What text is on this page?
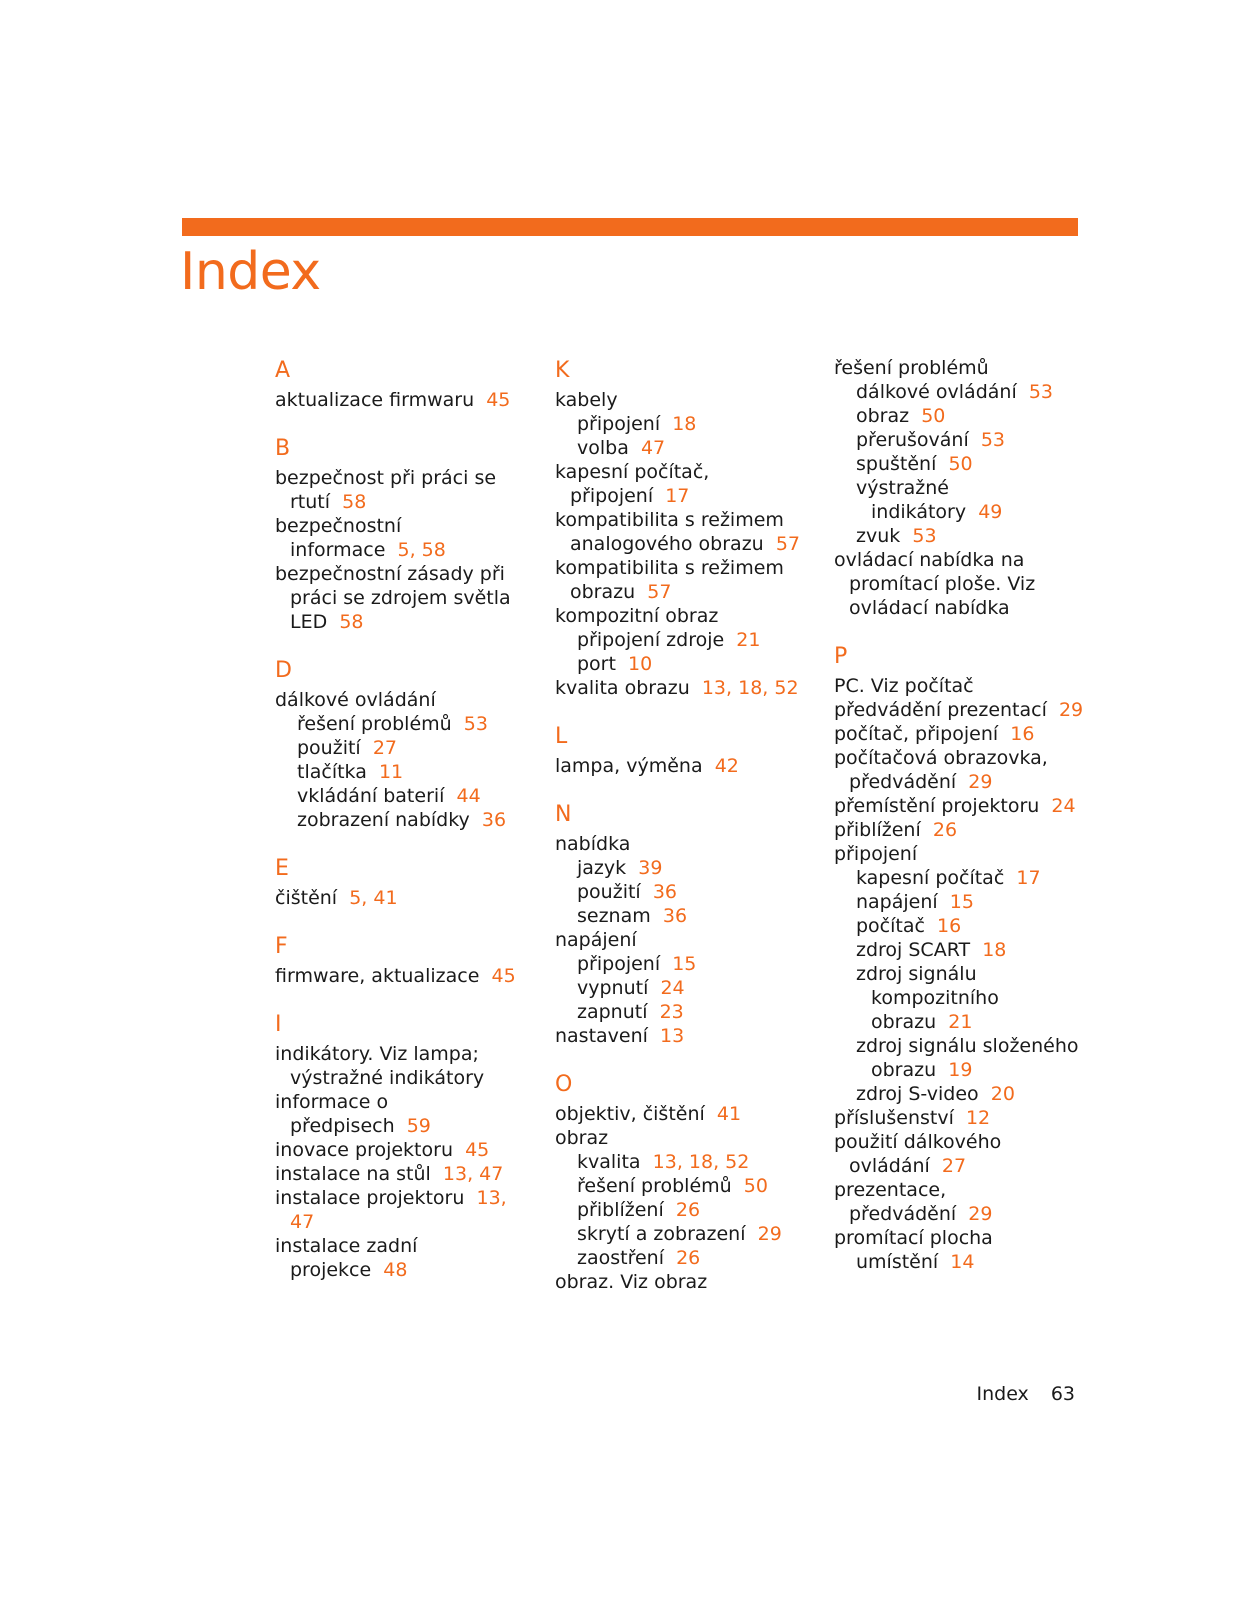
Index
A
aktualizace firmwaru 45
B
bezpečnost při práci se rtutí 58
bezpečnostní informace 5, 58
bezpečnostní zásady při práci se zdrojem světla LED 58
D
dálkové ovládání
řešení problémů 53
použití 27
tlačítka 11
vkládání baterií 44
zobrazení nabídky 36
E
čištění 5, 41
F
firmware, aktualizace 45
I
indikátory. Viz lampa; výstražné indikátory
informace o předpisech 59
inovace projektoru 45
instalace na stůl 13, 47
instalace projektoru 13, 47
instalace zadní projekce 48
K
kabely
připojení 18
volba 47
kapesní počítač, připojení 17
kompatibilita s režimem analogového obrazu 57
kompatibilita s režimem obrazu 57
kompozitní obraz
připojení zdroje 21
port 10
kvalita obrazu 13, 18, 52
L
lampa, výměna 42
N
nabídka
jazyk 39
použití 36
seznam 36
napájení
připojení 15
vypnutí 24
zapnutí 23
nastavení 13
O
objektiv, čištění 41
obraz
kvalita 13, 18, 52
řešení problémů 50
přiblížení 26
skrytí a zobrazení 29
zaostření 26
obraz. Viz obraz
řešení problémů
dálkové ovládání 53
obraz 50
přerušování 53
spuštění 50
výstražné indikátory 49
zvuk 53
ovládací nabídka na promítací ploše. Viz ovládací nabídka
P
PC. Viz počítač
předvádění prezentací 29
počítač, připojení 16
počítačová obrazovka, předvádění 29
přemístění projektoru 24
přiblížení 26
připojení
kapesní počítač 17
napájení 15
počítač 16
zdroj SCART 18
zdroj signálu kompozitního obrazu 21
zdroj signálu složeného obrazu 19
zdroj S-video 20
příslušenství 12
použití dálkového ovládání 27
prezentace, předvádění 29
promítací plocha
umístění 14
Index 63
